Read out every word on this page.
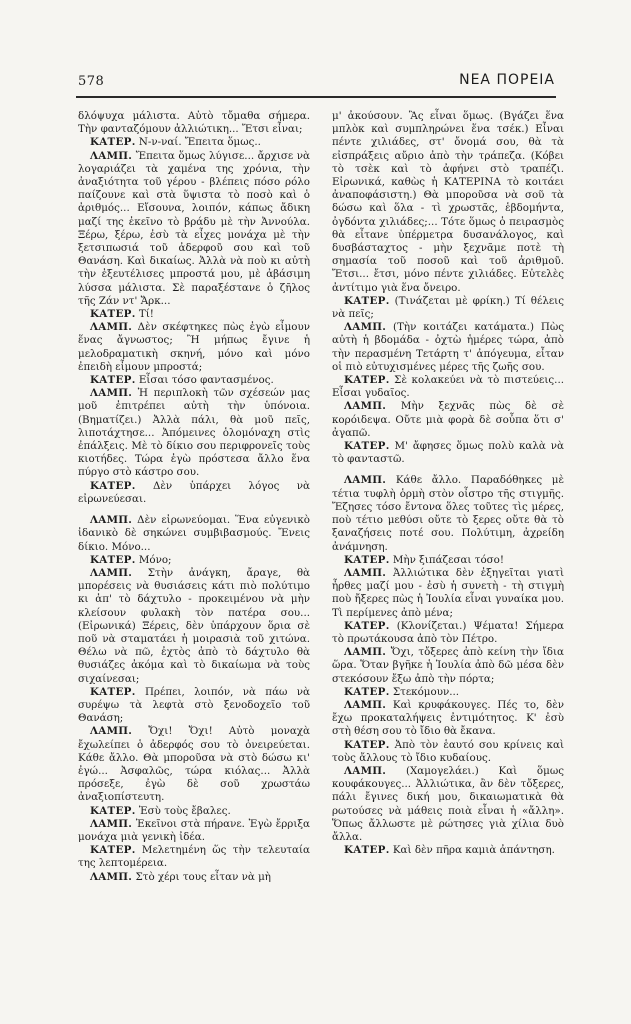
578	ΝΕΑ ΠΟΡΕΙΑ

δλόψυχα μάλιστα. Αὐτὸ τὄμαθα σήμερα. Τὴν φανταζόμουν ἀλλιώτικη... Ἔτσι εἶναι;

ΚΑΤΕΡ. Ν-ν-ναί. Ἔπειτα ὅμως..

ΛΑΜΠ. Ἔπειτα ὅμως λύγισε... ἄρχισε νὰ λογαριάζει τὰ χαμένα της χρόνια, τὴν ἀναξιότητα τοῦ γέρου - βλέπεις πόσο ρόλο παίζουνε καὶ στὰ ὕψιστα τὸ ποσὸ καὶ ὁ ἀριθμός... Εἴσουνα, λοιπόν, κάπως ἄδικη μαζί της ἐκεῖνο τὸ βράδυ μὲ τὴν Ἀννούλα. Ξέρω, ξέρω, ἐσὺ τὰ εἶχες μονάχα μὲ τὴν ξετσιπωσιά τοῦ ἀδερφοῦ σου καὶ τοῦ Θανάση. Καὶ δικαίως. Ἀλλὰ νὰ ποὺ κι αὐτὴ τὴν ἐξευτέλισες μπροστά μου, μὲ ἀβάσιμη λύσσα μάλιστα. Σὲ παραξέστανε ὁ ζῆλος τῆς Ζάν ντ' Ἄρκ...

ΚΑΤΕΡ. Τί!

ΛΑΜΠ. Δὲν σκέφτηκες πὼς ἐγὼ εἶμουν ἕνας ἄγνωστος; Ἢ μήπως ἔγινε ἡ μελοδραματικὴ σκηνή, μόνο καὶ μόνο ἐπειδὴ εἶμουν μπροστά;

ΚΑΤΕΡ. Εἶσαι τόσο φαντασμένος.

ΛΑΜΠ. Ἡ περιπλοκὴ τῶν σχέσεών μας μοῦ ἐπιτρέπει αὐτὴ τὴν ὑπόνοια. (Βηματίζει.) Ἀλλὰ πάλι, θὰ μοῦ πεῖς, λιποτάχτησε... Ἀπόμεινες ὁλομόναχη στὶς ἐπάλξεις. Μὲ τὸ δίκιο σου περιφρονεῖς τοὺς κιοτήδες. Τώρα ἐγὼ πρόστεσα ἄλλο ἕνα πύργο στὸ κάστρο σου.

ΚΑΤΕΡ. Δὲν ὑπάρχει λόγος νὰ εἰρωνεύεσαι.

ΛΑΜΠ. Δὲν εἰρωνεύομαι. Ἕνα εὐγενικὸ ἰδανικὸ δὲ σηκώνει συμβιβασμούς. Ἔνεις δίκιο. Μόνο...

ΚΑΤΕΡ. Μόνο;

ΛΑΜΠ. Στὴν ἀνάγκη, ἄραγε, θὰ μπορέσεις νὰ θυσιάσεις κάτι πιὸ πολύτιμο κι ἀπ' τὸ δάχτυλο - προκειμένου νὰ μὴν κλείσουν φυλακὴ τὸν πατέρα σου... (Εἰρωνικά) Ξέρεις, δὲν ὑπάρχουν ὅρια σὲ ποῦ νὰ σταματάει ἡ μοιρασιὰ τοῦ χιτώνα. Θέλω νὰ πῶ, ἐχτὸς ἀπὸ τὸ δάχτυλο θὰ θυσιάζες ἀκόμα καὶ τὸ δικαίωμα νὰ τοὺς σιχαίνεσαι;

ΚΑΤΕΡ. Πρέπει, λοιπόν, νὰ πάω νὰ συρέψω τὰ λεφτὰ στὸ ξενοδοχεῖο τοῦ Θανάση;

ΛΑΜΠ. Ὄχι! Ὄχι! Αὐτὸ μοναχὰ ἔχωλείπει ὁ ἀδερφός σου τὸ ὀνειρεύεται. Κάθε ἄλλο. Θὰ μποροῦσα νὰ στὸ δώσω κι' ἐγώ... Ἀσφαλῶς, τώρα κιόλας... Ἀλλὰ πρόσεξε, ἐγὼ δὲ σοῦ χρωστάω ἀναξιοπίστευτη.

ΚΑΤΕΡ. Ἐσὺ τοὺς ἔβαλες.

ΛΑΜΠ. Ἐκεῖνοι στὰ πήρανε. Ἐγὼ ἔρριξα μονάχα μιὰ γενικὴ ἰδέα.

ΚΑΤΕΡ. Μελετημένη ὥς τὴν τελευταία της λεπτομέρεια.

ΛΑΜΠ. Στὸ χέρι τους εἶταν νὰ μὴ

μ' ἀκούσουν. Ἂς εἶναι ὅμως. (Βγάζει ἕνα μπλὸκ καὶ συμπληρώνει ἕνα τσέκ.) Εἶναι πέντε χιλιάδες, στ' ὄνομά σου, θὰ τὰ εἰσπράξεις αὔριο ἀπὸ τὴν τράπεζα. (Κόβει τὸ τσὲκ καὶ τὸ ἀφήνει στὸ τραπέζι. Εἰρωνικά, καθὼς ἡ ΚΑΤΕΡΙΝΑ τὸ κοιτάει ἀναποφάσιστη.) Θὰ μποροῦσα νὰ σοῦ τὰ δώσω καὶ ὅλα - τὶ χρωστᾶς, ἑβδομήντα, ὀγδόντα χιλιάδες;... Τότε ὅμως ὁ πειρασμὸς θὰ εἶτανε ὑπέρμετρα δυσανάλογος, καὶ δυσβάσταχτος - μὴν ξεχνᾶμε ποτὲ τὴ σημασία τοῦ ποσοῦ καὶ τοῦ ἀριθμοῦ. Ἔτσι... ἔτσι, μόνο πέντε χιλιάδες. Εὐτελὲς ἀντίτιμο γιὰ ἕνα ὄνειρο.

ΚΑΤΕΡ. (Τινάζεται μὲ φρίκη.) Τί θέλεις νὰ πεῖς;

ΛΑΜΠ. (Τὴν κοιτάζει κατάματα.) Πὼς αὐτὴ ἡ βδομάδα - ὀχτὼ ἡμέρες τώρα, ἀπὸ τὴν περασμένη Τετάρτη τ' ἀπόγευμα, εἶταν οἱ πιὸ εὐτυχισμένες μέρες τῆς ζωῆς σου.

ΚΑΤΕΡ. Σὲ κολακεύει νὰ τὸ πιστεύεις... Εἶσαι γυδαῖος.

ΛΑΜΠ. Μὴν ξεχνᾶς πὼς δὲ σὲ κορόιδεψα. Οὔτε μιὰ φορὰ δὲ σοὖπα ὅτι σ' ἀγαπῶ.

ΚΑΤΕΡ. Μ' ἄφησες ὅμως πολὺ καλὰ νὰ τὸ φανταστῶ.

ΛΑΜΠ. Κάθε ἄλλο. Παραδόθηκες μὲ τέτια τυφλὴ ὁρμὴ στὸν οἶστρο τῆς στιγμῆς. Ἔζησες τόσο ἔντονα ὅλες τοῦτες τὶς μέρες, ποὺ τέτιο μεθύσι οὔτε τὸ ξερες οὔτε θὰ τὸ ξαναζήσεις ποτέ σου. Πολύτιμη, ἀχρείδη ἀνάμνηση.

ΚΑΤΕΡ. Μὴν ξιπάζεσαι τόσο!

ΛΑΜΠ. Ἀλλιώτικα δὲν ἐξηγεῖται γιατὶ ἦρθες μαζί μου - ἐσὺ ἡ συνετὴ - τὴ στιγμὴ ποὺ ἤξερες πὼς ἡ Ἰουλία εἶναι γυναίκα μου. Τὶ περίμενες ἀπὸ μένα;

ΚΑΤΕΡ. (Κλονίζεται.) Ψέματα! Σήμερα τὸ πρωτάκουσα ἀπὸ τὸν Πέτρο.

ΛΑΜΠ. Ὄχι, τὄξερες ἀπὸ κείνη τὴν ἴδια ὥρα. Ὅταν βγῆκε ἡ Ἰουλία ἀπὸ δῶ μέσα δὲν στεκόσουν ἔξω ἀπὸ τὴν πόρτα;

ΚΑΤΕΡ. Στεκόμουν...

ΛΑΜΠ. Καὶ κρυφάκουγες. Πές το, δὲν ἔχω προκαταλήψεις ἐντιμότητος. Κ' ἐσὺ στὴ θέση σου τὸ ἴδιο θὰ ἔκανα.

ΚΑΤΕΡ. Ἀπὸ τὸν ἑαυτό σου κρίνεις καὶ τοὺς ἄλλους τὸ ἴδιο κυδαίους.

ΛΑΜΠ. (Χαμογελάει.) Καὶ ὅμως κουφάκουγες... Ἀλλιώτικα, ἂν δὲν τὄξερες, πάλι ἔγινες δική μου, δικαιωματικὰ θὰ ρωτούσες νὰ μάθεις ποιὰ εἶναι ἡ «ἄλλη». Ὅπως ἄλλωστε μὲ ρώτησες γιὰ χίλια δυὸ ἄλλα.

ΚΑΤΕΡ. Καὶ δὲν πῆρα καμιὰ ἀπάντηση.
